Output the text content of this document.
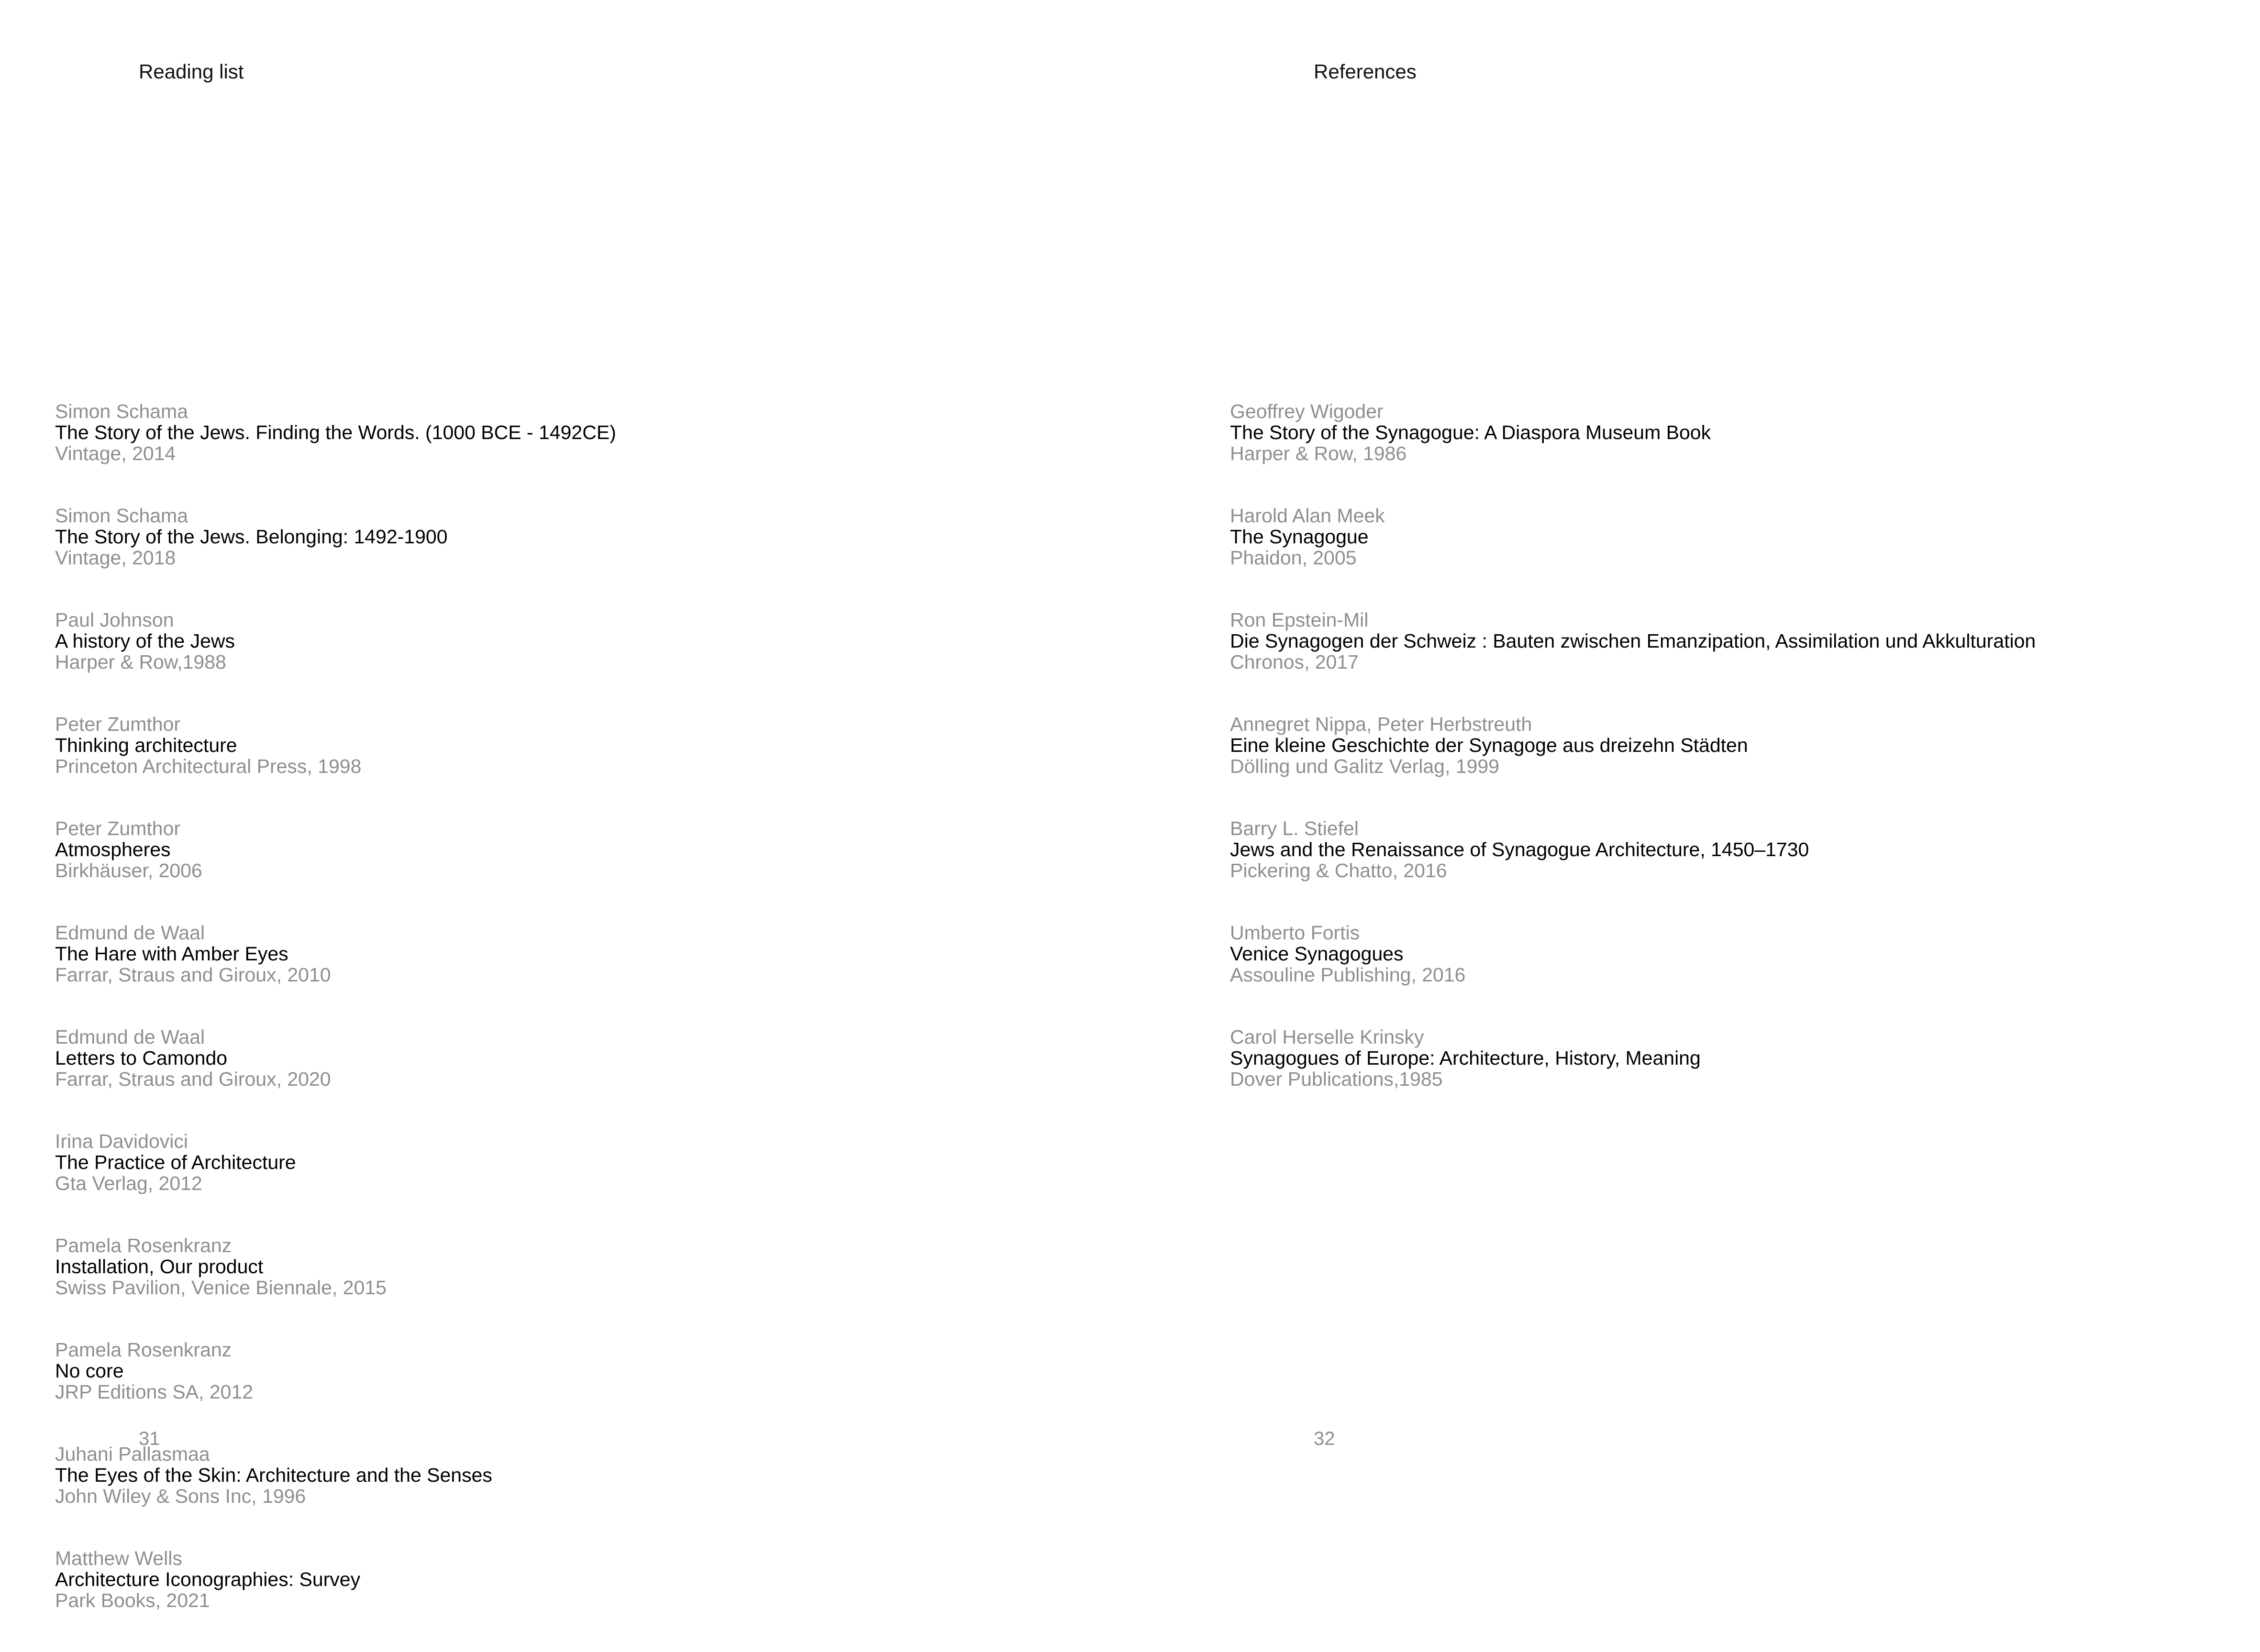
Reading list
Simon Schama
The Story of the Jews. Finding the Words. (1000 BCE - 1492CE)
Vintage, 2014
Simon Schama
The Story of the Jews. Belonging: 1492-1900
Vintage, 2018
Paul Johnson
A history of the Jews
Harper & Row,1988
Peter Zumthor
Thinking architecture
Princeton Architectural Press, 1998
Peter Zumthor
Atmospheres
Birkhäuser, 2006
Edmund de Waal
The Hare with Amber Eyes
Farrar, Straus and Giroux, 2010
Edmund de Waal
Letters to Camondo
Farrar, Straus and Giroux, 2020
Irina Davidovici
The Practice of Architecture
Gta Verlag, 2012
Pamela Rosenkranz
Installation, Our product
Swiss Pavilion, Venice Biennale, 2015
Pamela Rosenkranz
No core
JRP Editions SA, 2012
Juhani Pallasmaa
The Eyes of the Skin: Architecture and the Senses
John Wiley & Sons Inc, 1996
Matthew Wells
Architecture Iconographies: Survey
Park Books, 2021
31
References
Geoffrey Wigoder
The Story of the Synagogue: A Diaspora Museum Book
Harper & Row, 1986
Harold Alan Meek
The Synagogue
Phaidon, 2005
Ron Epstein-Mil
Die Synagogen der Schweiz : Bauten zwischen Emanzipation, Assimilation und Akkulturation
Chronos, 2017
Annegret Nippa, Peter Herbstreuth
Eine kleine Geschichte der Synagoge aus dreizehn Städten
Dölling und Galitz Verlag, 1999
Barry L. Stiefel
Jews and the Renaissance of Synagogue Architecture, 1450–1730
Pickering & Chatto, 2016
Umberto Fortis
Venice Synagogues
Assouline Publishing, 2016
Carol Herselle Krinsky
Synagogues of Europe: Architecture, History, Meaning
Dover Publications,1985
32
